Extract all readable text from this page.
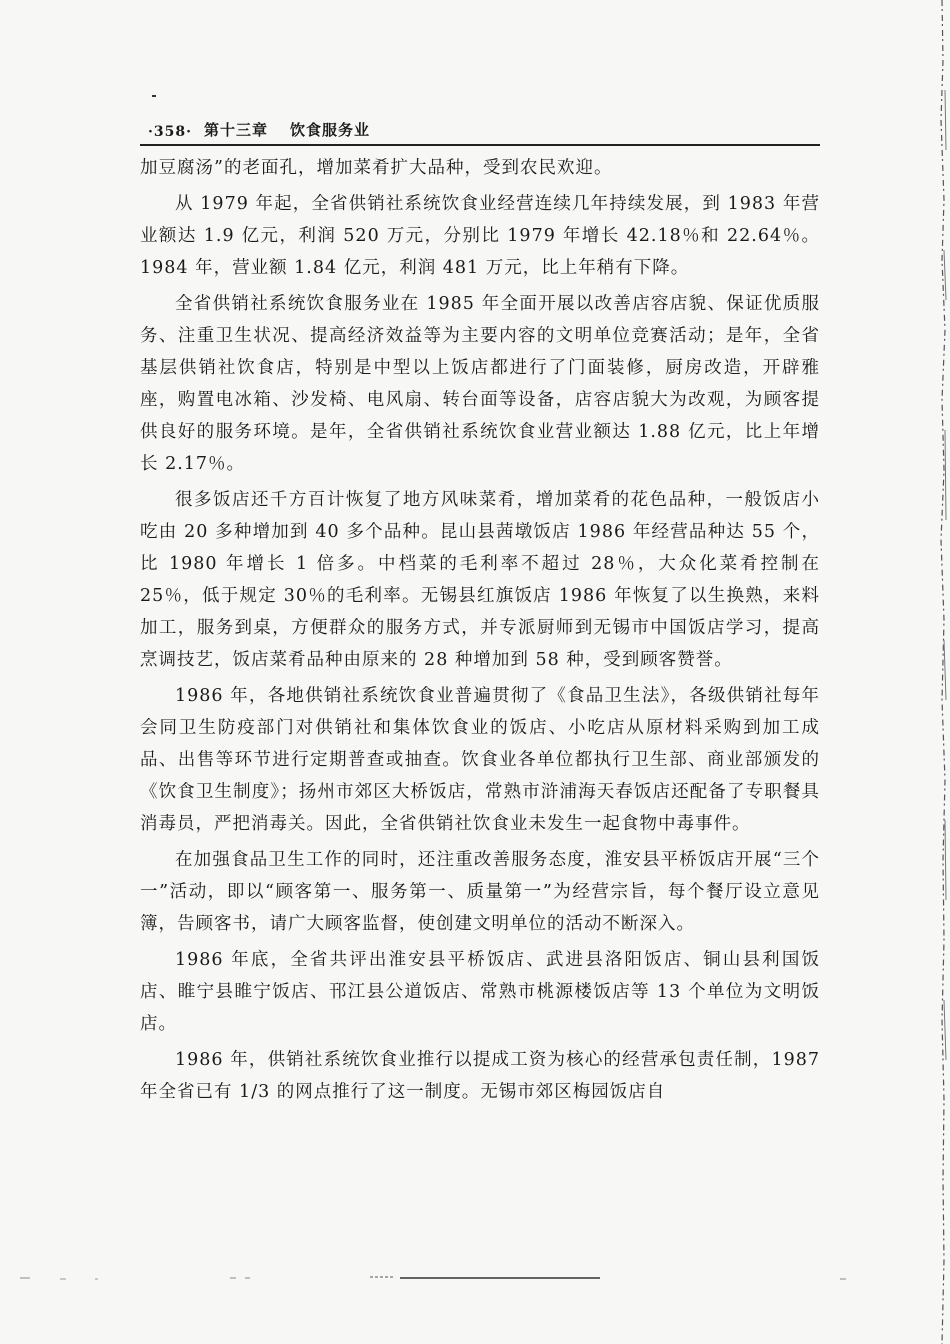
·358· 第十三章 饮食服务业

加豆腐汤”的老面孔，增加菜肴扩大品种，受到农民欢迎。

从 1979 年起，全省供销社系统饮食业经营连续几年持续发展，到 1983 年营业额达 1.9 亿元，利润 520 万元，分别比 1979 年增长 42.18％和 22.64％。1984 年，营业额 1.84 亿元，利润 481 万元，比上年稍有下降。

全省供销社系统饮食服务业在 1985 年全面开展以改善店容店貌、保证优质服务、注重卫生状况、提高经济效益等为主要内容的文明单位竞赛活动；是年，全省基层供销社饮食店，特别是中型以上饭店都进行了门面装修，厨房改造，开辟雅座，购置电冰箱、沙发椅、电风扇、转台面等设备，店容店貌大为改观，为顾客提供良好的服务环境。是年，全省供销社系统饮食业营业额达 1.88 亿元，比上年增长 2.17％。

很多饭店还千方百计恢复了地方风味菜肴，增加菜肴的花色品种，一般饭店小吃由 20 多种增加到 40 多个品种。昆山县茜墩饭店 1986 年经营品种达 55 个，比 1980 年增长 1 倍多。中档菜的毛利率不超过 28％，大众化菜肴控制在 25％，低于规定 30％的毛利率。无锡县红旗饭店 1986 年恢复了以生换熟，来料加工，服务到桌，方便群众的服务方式，并专派厨师到无锡市中国饭店学习，提高烹调技艺，饭店菜肴品种由原来的 28 种增加到 58 种，受到顾客赞誉。

1986 年，各地供销社系统饮食业普遍贯彻了《食品卫生法》，各级供销社每年会同卫生防疫部门对供销社和集体饮食业的饭店、小吃店从原材料采购到加工成品、出售等环节进行定期普查或抽查。饮食业各单位都执行卫生部、商业部颁发的《饮食卫生制度》；扬州市郊区大桥饭店，常熟市浒浦海天春饭店还配备了专职餐具消毒员，严把消毒关。因此，全省供销社饮食业未发生一起食物中毒事件。

在加强食品卫生工作的同时，还注重改善服务态度，淮安县平桥饭店开展“三个一”活动，即以“顾客第一、服务第一、质量第一”为经营宗旨，每个餐厅设立意见簿，告顾客书，请广大顾客监督，使创建文明单位的活动不断深入。

1986 年底，全省共评出淮安县平桥饭店、武进县洛阳饭店、铜山县利国饭店、睢宁县睢宁饭店、邗江县公道饭店、常熟市桃源楼饭店等 13 个单位为文明饭店。

1986 年，供销社系统饮食业推行以提成工资为核心的经营承包责任制，1987 年全省已有 1/3 的网点推行了这一制度。无锡市郊区梅园饭店自
